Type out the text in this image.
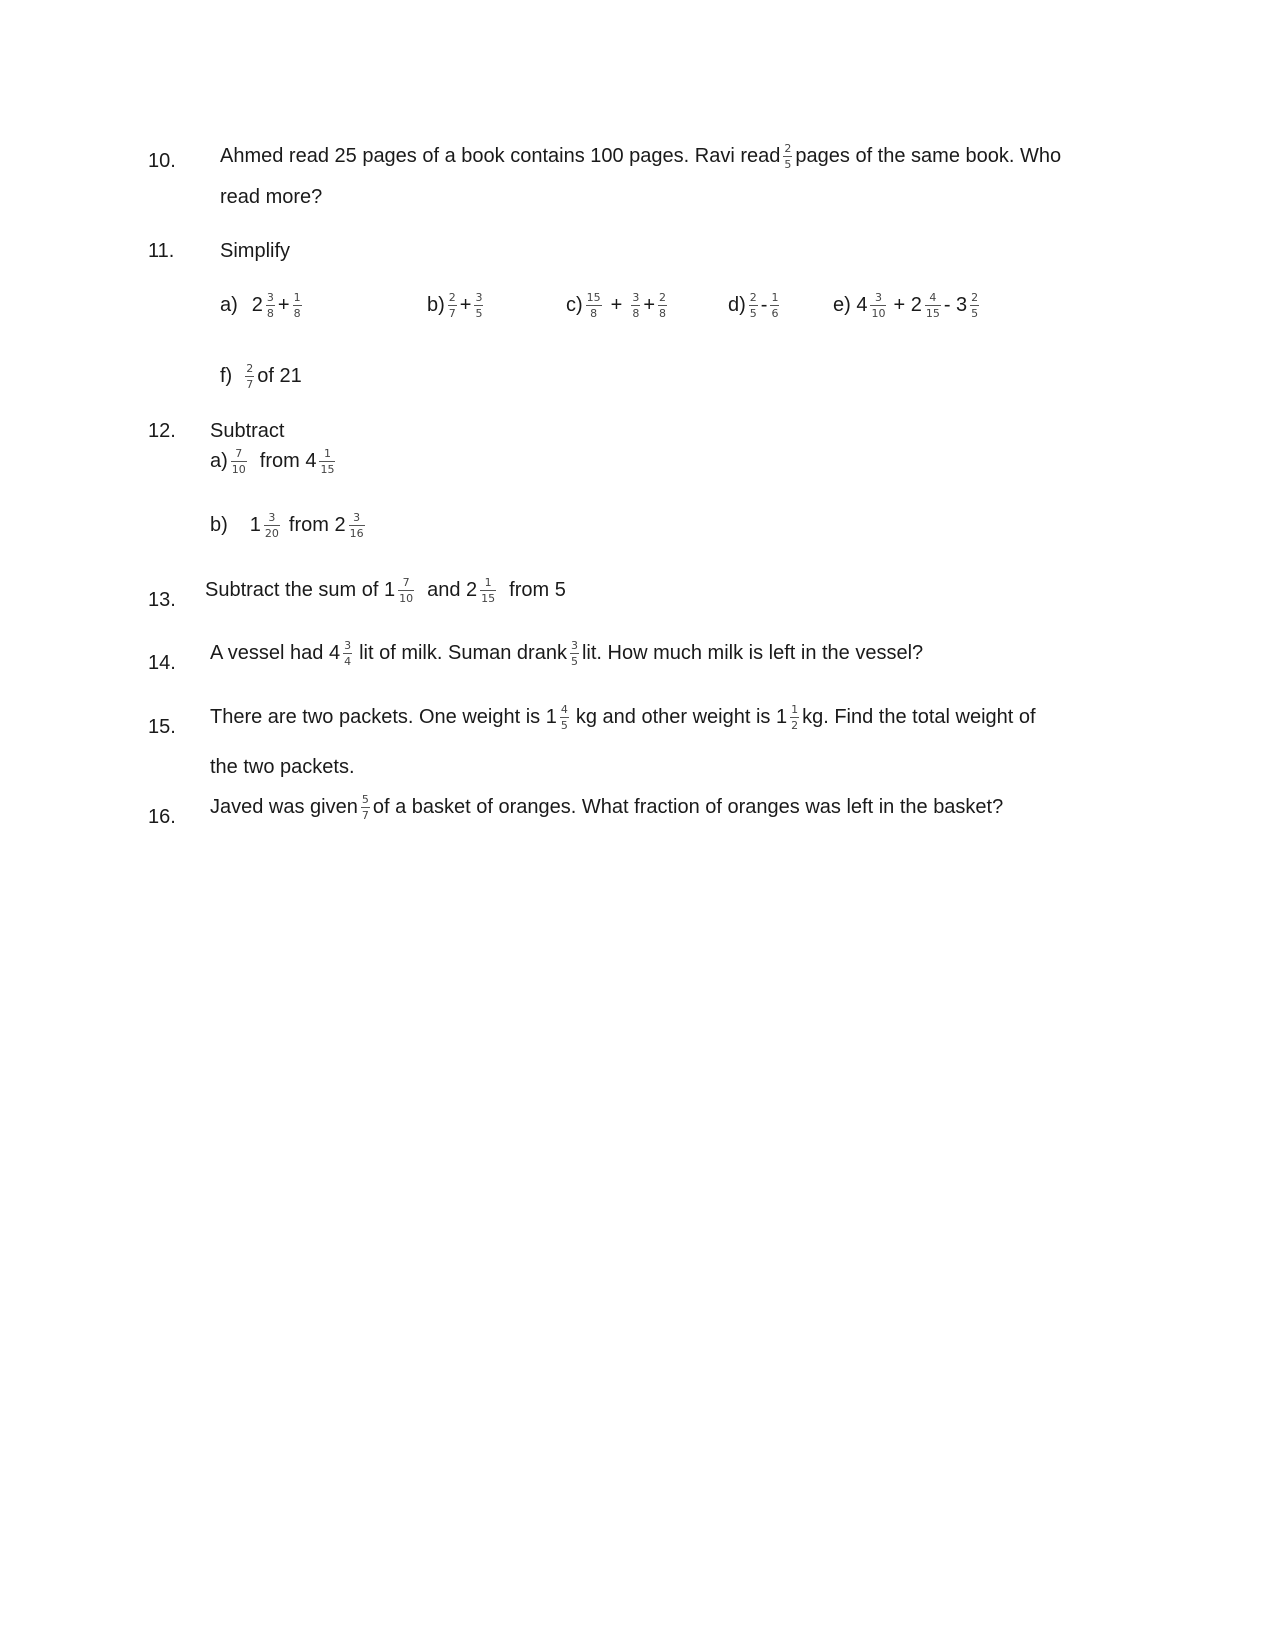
10. Ahmed read 25 pages of a book contains 100 pages. Ravi read $\frac{2}{5}$ pages of the same book. Who
read more?
11. Simplify
a) $2 \frac{3}{8} + \frac{1}{8}$	$b) \frac{2}{7} + \frac{3}{5}$	$c) \frac{15}{8} + \frac{3}{8} + \frac{2}{8}$	$d) \frac{2}{5} - \frac{1}{6}$	e) $4 \frac{3}{10} + 2 \frac{4}{15} - 3 \frac{2}{5}$
$f) \frac{2}{7}$ of 21
12. Subtract
$a) \frac{7}{10}$ from $4 \frac{1}{15}$
b) $1 \frac{3}{20}$ from $2 \frac{3}{16}$
13. Subtract the sum of $1 \frac{7}{10}$ and $2 \frac{1}{15}$ from 5
14. A vessel had $4 \frac{3}{4}$ lit of milk. Suman drank $\frac{3}{5}$ lit. How much milk is left in the vessel?
15. There are two packets. One weight is $1 \frac{4}{5}$ kg and other weight is $1 \frac{1}{2}$ kg. Find the total weight of
the two packets.
16. Javed was given $\frac{5}{7}$ of a basket of oranges. What fraction of oranges was left in the basket?
